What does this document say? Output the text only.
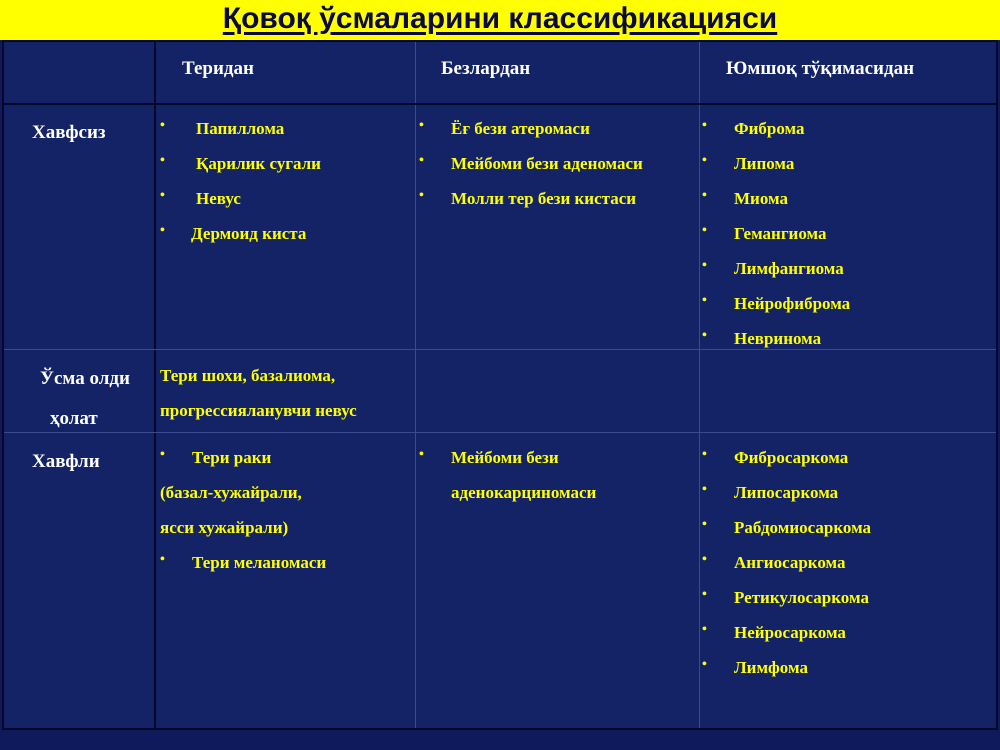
Қовоқ ўсмаларини классификацияси
Теридан	Безлардан	Юмшоқ тўқимасидан
Хавфсиз
Ўсма олди
ҳолат
Хавфли
• Папиллома
• Қарилик сугали
• Невус
• Дермоид киста
• Ёғ бези атеромаси
• Мейбоми бези аденомаси
• Молли тер бези кистаси
• Фиброма
• Липома
• Миома
• Гемангиома
• Лимфангиома
• Нейрофиброма
• Невринома
Тери шохи, базалиома,
прогрессияланувчи невус
• Тери раки
(базал-хужайрали,
ясси хужайрали)
• Тери меланомаси
• Мейбоми бези
аденокарциномаси
• Фибросаркома
• Липосаркома
• Рабдомиосаркома
• Ангиосаркома
• Ретикулосаркома
• Нейросаркома
• Лимфома
